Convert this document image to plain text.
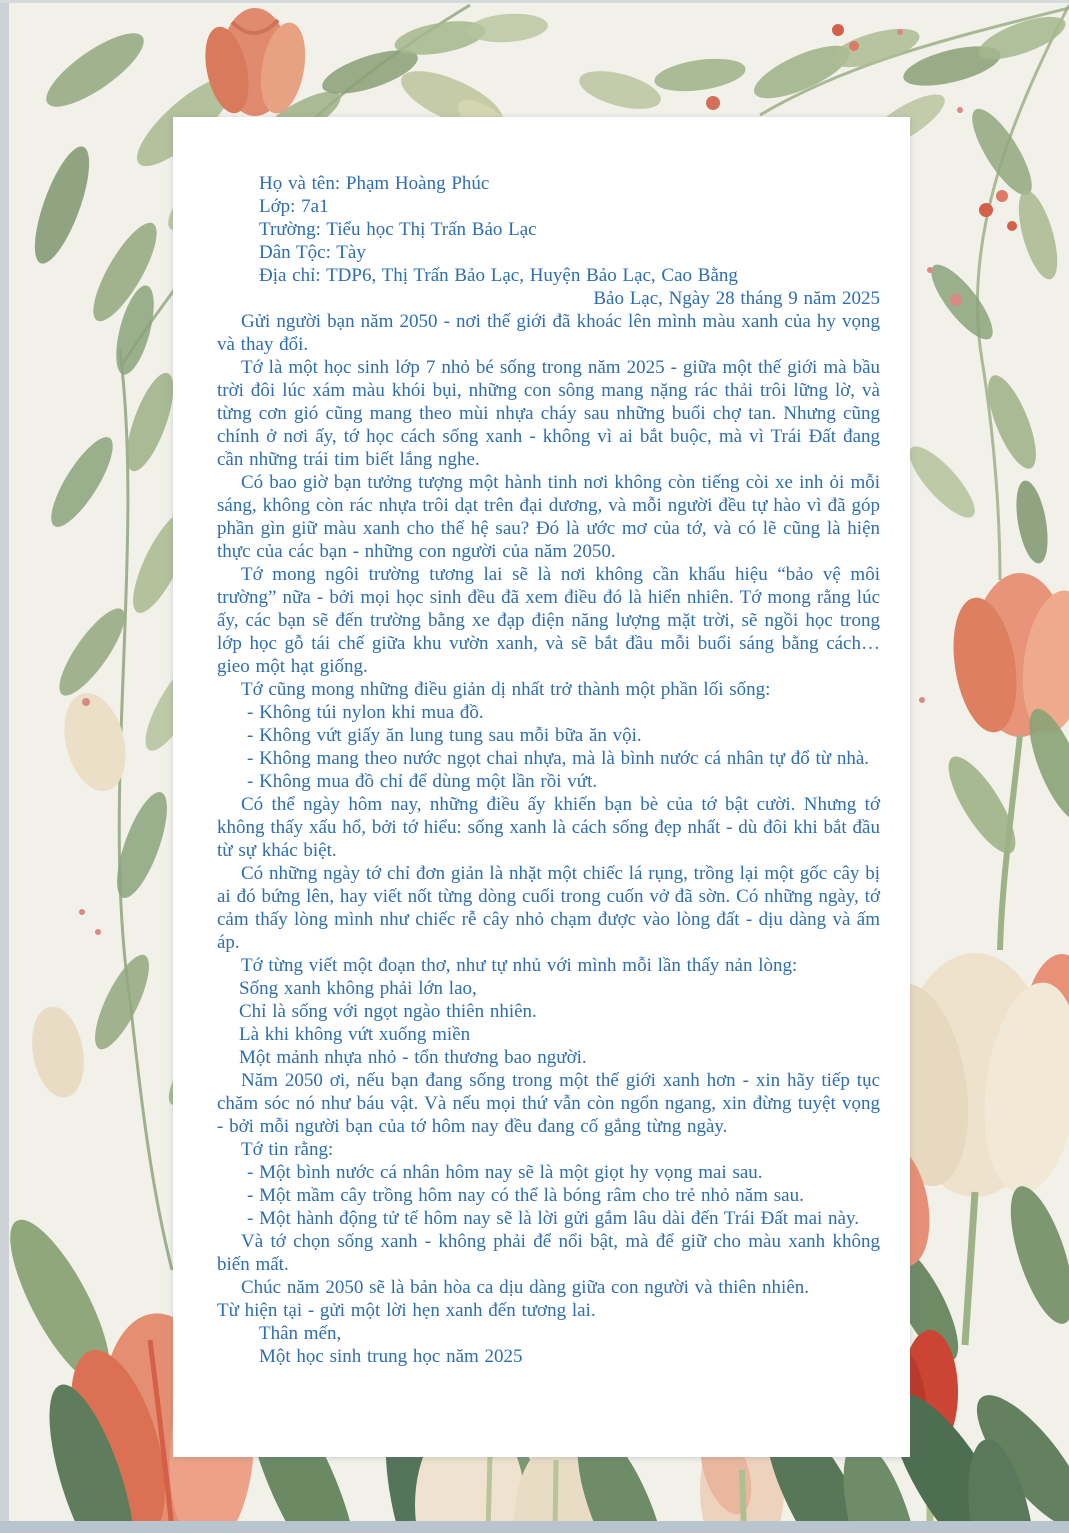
Họ và tên: Phạm Hoàng Phúc
Lớp: 7a1
Trường: Tiểu học Thị Trấn Bảo Lạc
Dân Tộc: Tày
Địa chỉ: TDP6, Thị Trấn Bảo Lạc, Huyện Bảo Lạc, Cao Bằng
Bảo Lạc, Ngày 28 tháng 9 năm 2025
Gửi người bạn năm 2050 - nơi thế giới đã khoác lên mình màu xanh của hy vọng và thay đổi.
Tớ là một học sinh lớp 7 nhỏ bé sống trong năm 2025 - giữa một thế giới mà bầu trời đôi lúc xám màu khói bụi, những con sông mang nặng rác thải trôi lững lờ, và từng cơn gió cũng mang theo mùi nhựa cháy sau những buổi chợ tan. Nhưng cũng chính ở nơi ấy, tớ học cách sống xanh - không vì ai bắt buộc, mà vì Trái Đất đang cần những trái tim biết lắng nghe.
Có bao giờ bạn tưởng tượng một hành tinh nơi không còn tiếng còi xe inh ỏi mỗi sáng, không còn rác nhựa trôi dạt trên đại dương, và mỗi người đều tự hào vì đã góp phần gìn giữ màu xanh cho thế hệ sau? Đó là ước mơ của tớ, và có lẽ cũng là hiện thực của các bạn - những con người của năm 2050.
Tớ mong ngôi trường tương lai sẽ là nơi không cần khẩu hiệu “bảo vệ môi trường” nữa - bởi mọi học sinh đều đã xem điều đó là hiển nhiên. Tớ mong rằng lúc ấy, các bạn sẽ đến trường bằng xe đạp điện năng lượng mặt trời, sẽ ngồi học trong lớp học gỗ tái chế giữa khu vườn xanh, và sẽ bắt đầu mỗi buổi sáng bằng cách… gieo một hạt giống.
Tớ cũng mong những điều giản dị nhất trở thành một phần lối sống:
- Không túi nylon khi mua đồ.
- Không vứt giấy ăn lung tung sau mỗi bữa ăn vội.
- Không mang theo nước ngọt chai nhựa, mà là bình nước cá nhân tự đổ từ nhà.
- Không mua đồ chỉ để dùng một lần rồi vứt.
Có thể ngày hôm nay, những điều ấy khiến bạn bè của tớ bật cười. Nhưng tớ không thấy xấu hổ, bởi tớ hiểu: sống xanh là cách sống đẹp nhất - dù đôi khi bắt đầu từ sự khác biệt.
Có những ngày tớ chỉ đơn giản là nhặt một chiếc lá rụng, trồng lại một gốc cây bị ai đó bứng lên, hay viết nốt từng dòng cuối trong cuốn vở đã sờn. Có những ngày, tớ cảm thấy lòng mình như chiếc rễ cây nhỏ chạm được vào lòng đất - dịu dàng và ấm áp.
Tớ từng viết một đoạn thơ, như tự nhủ với mình mỗi lần thấy nản lòng:
Sống xanh không phải lớn lao,
Chỉ là sống với ngọt ngào thiên nhiên.
Là khi không vứt xuống miền
Một mảnh nhựa nhỏ - tổn thương bao người.
Năm 2050 ơi, nếu bạn đang sống trong một thế giới xanh hơn - xin hãy tiếp tục chăm sóc nó như báu vật. Và nếu mọi thứ vẫn còn ngổn ngang, xin đừng tuyệt vọng - bởi mỗi người bạn của tớ hôm nay đều đang cố gắng từng ngày.
Tớ tin rằng:
- Một bình nước cá nhân hôm nay sẽ là một giọt hy vọng mai sau.
- Một mầm cây trồng hôm nay có thể là bóng râm cho trẻ nhỏ năm sau.
- Một hành động tử tế hôm nay sẽ là lời gửi gắm lâu dài đến Trái Đất mai này.
Và tớ chọn sống xanh - không phải để nổi bật, mà để giữ cho màu xanh không biến mất.
Chúc năm 2050 sẽ là bản hòa ca dịu dàng giữa con người và thiên nhiên.
Từ hiện tại - gửi một lời hẹn xanh đến tương lai.
Thân mến,
Một học sinh trung học năm 2025
